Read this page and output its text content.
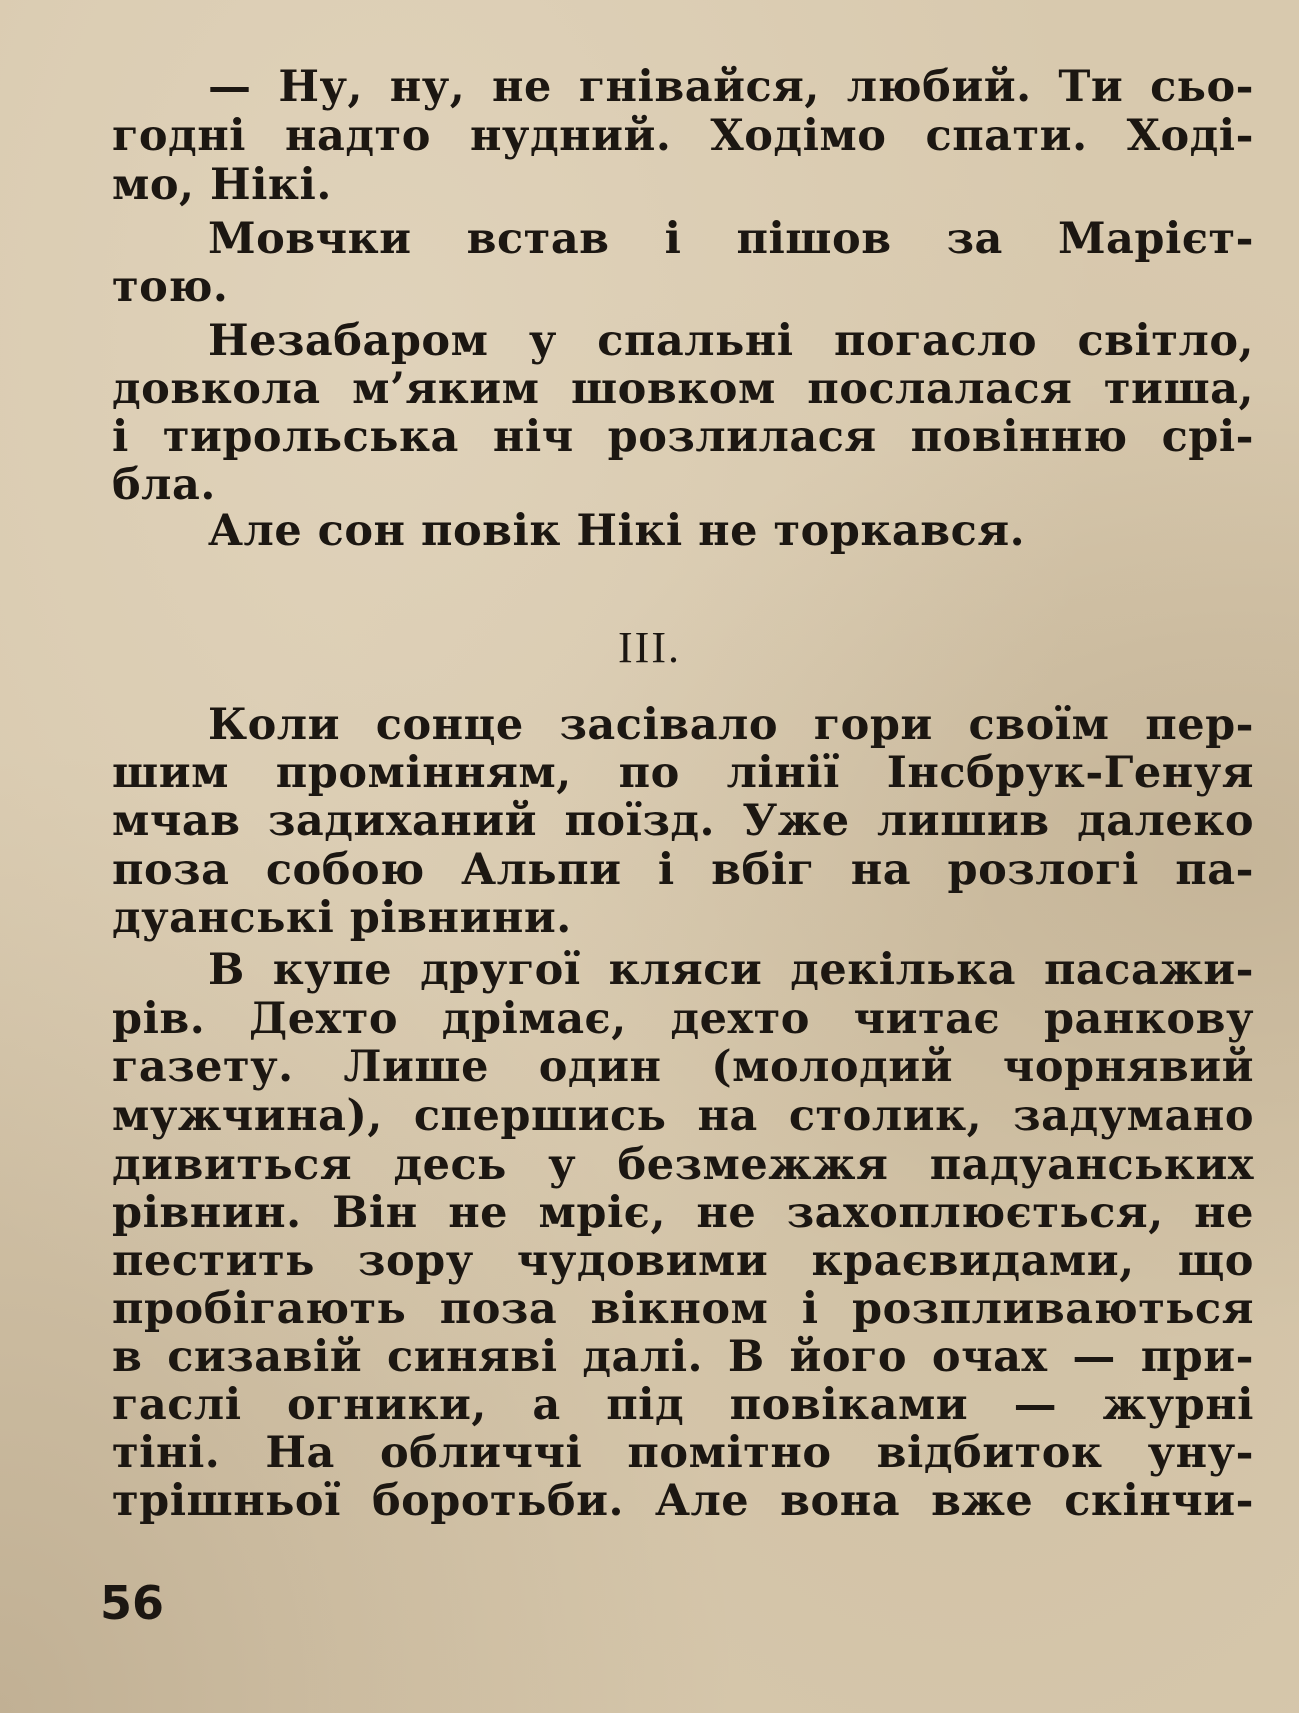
— Ну, ну, не гнівайся, любий. Ти сьо-
годні надто нудний. Ходімо спати. Ході-
мо, Нікі.
Мовчки встав і пішов за Марієт-
тою.
Незабаром у спальні погасло світло,
довкола м’яким шовком послалася тиша,
і тирольська ніч розлилася повінню срі-
бла.
Але сон повік Нікі не торкався.
III.
Коли сонце засівало гори своїм пер-
шим промінням, по лінії Інсбрук-Генуя
мчав задиханий поїзд. Уже лишив далеко
поза собою Альпи і вбіг на розлогі па-
дуанські рівнини.
В купе другої кляси декілька пасажи-
рів. Дехто дрімає, дехто читає ранкову
газету. Лише один (молодий чорнявий
мужчина), спершись на столик, задумано
дивиться десь у безмежжя падуанських
рівнин. Він не мріє, не захоплюється, не
пестить зору чудовими краєвидами, що
пробігають поза вікном і розпливаються
в сизавій синяві далі. В його очах — при-
гаслі огники, а під повіками — журні
тіні. На обличчі помітно відбиток уну-
трішньої боротьби. Але вона вже скінчи-
56
